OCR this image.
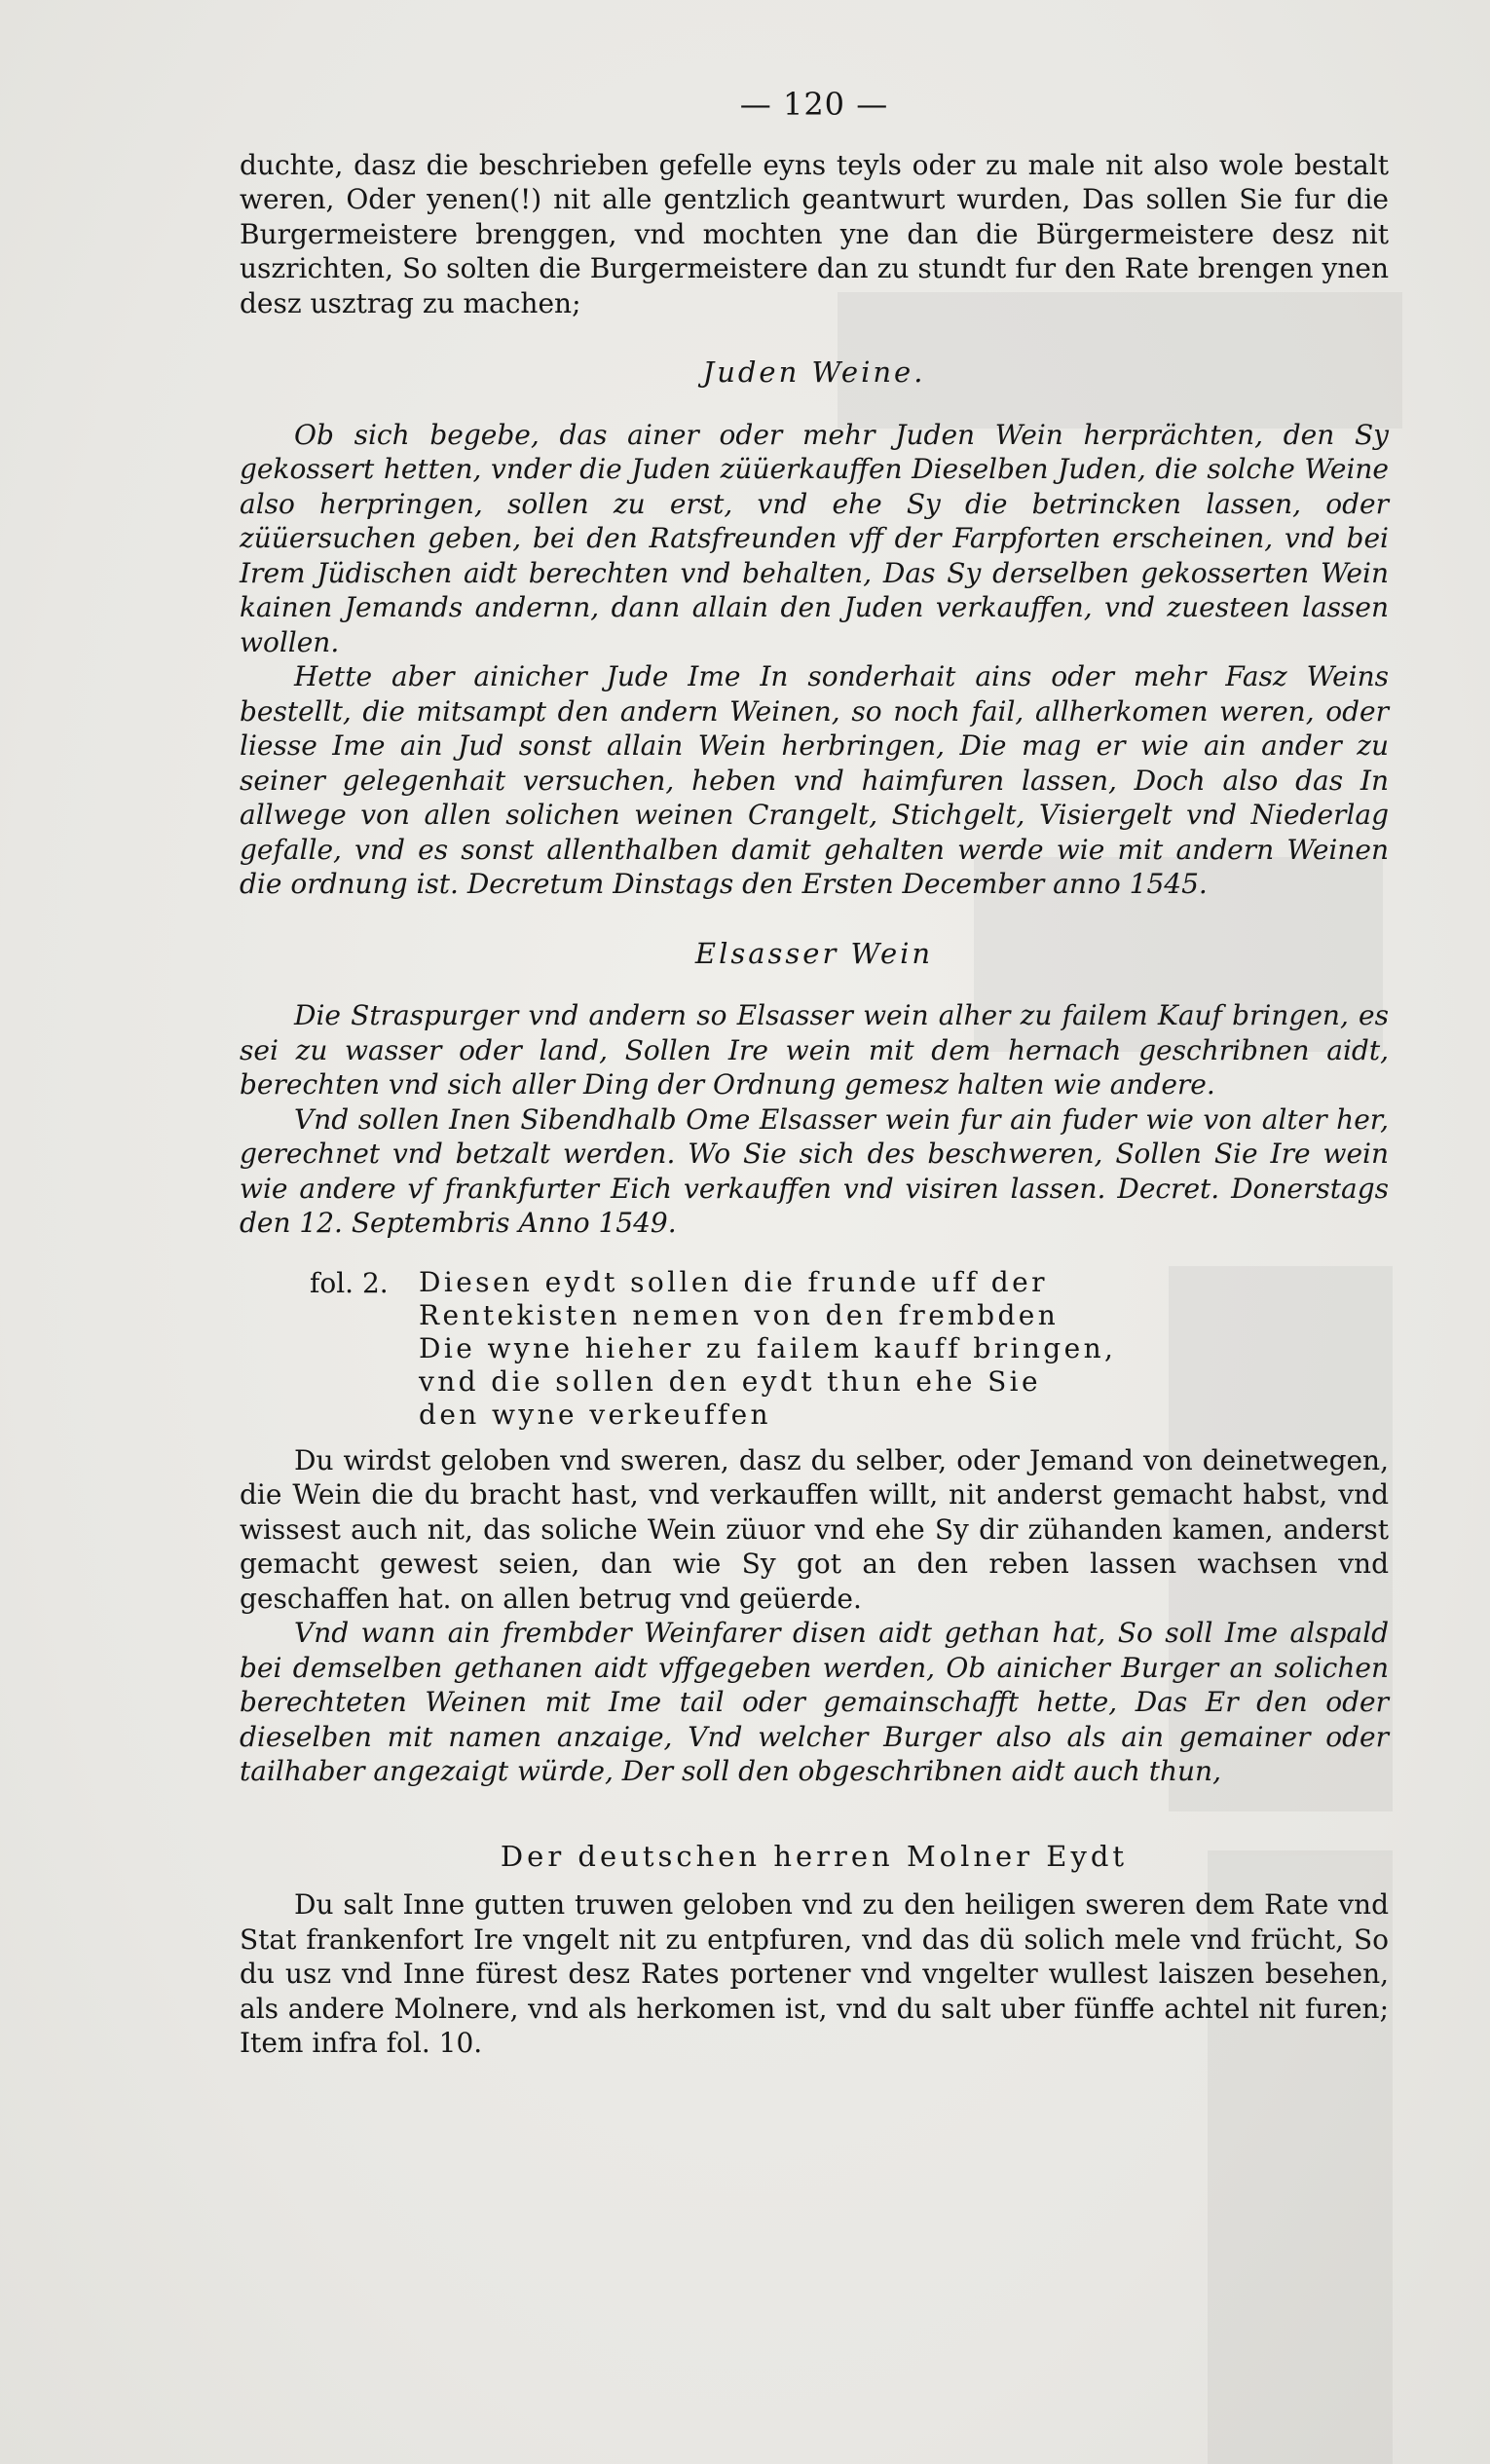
— 120 —

duchte, dasz die beschrieben gefelle eyns teyls oder zu male nit also wole bestalt weren, Oder yenen(!) nit alle gentzlich geantwurt wurden, Das sollen Sie fur die Burgermeistere brenggen, vnd mochten yne dan die Bürgermeistere desz nit uszrichten, So solten die Burgermeistere dan zu stundt fur den Rate brengen ynen desz usztrag zu machen;

Juden Weine.

Ob sich begebe, das ainer oder mehr Juden Wein herprächten, den Sy gekossert hetten, vnder die Juden züüerkauffen Dieselben Juden, die solche Weine also herpringen, sollen zu erst, vnd ehe Sy die betrincken lassen, oder züüersuchen geben, bei den Ratsfreunden vff der Farpforten erscheinen, vnd bei Irem Jüdischen aidt berechten vnd behalten, Das Sy derselben gekosserten Wein kainen Jemands andernn, dann allain den Juden verkauffen, vnd zuesteen lassen wollen.

Hette aber ainicher Jude Ime In sonderhait ains oder mehr Fasz Weins bestellt, die mitsampt den andern Weinen, so noch fail, allherkomen weren, oder liesse Ime ain Jud sonst allain Wein herbringen, Die mag er wie ain ander zu seiner gelegenhait versuchen, heben vnd haimfuren lassen, Doch also das In allwege von allen solichen weinen Crangelt, Stichgelt, Visiergelt vnd Niederlag gefalle, vnd es sonst allenthalben damit gehalten werde wie mit andern Weinen die ordnung ist. Decretum Dinstags den Ersten December anno 1545.

Elsasser Wein

Die Straspurger vnd andern so Elsasser wein alher zu failem Kauf bringen, es sei zu wasser oder land, Sollen Ire wein mit dem hernach geschribnen aidt, berechten vnd sich aller Ding der Ordnung gemesz halten wie andere.

Vnd sollen Inen Sibendhalb Ome Elsasser wein fur ain fuder wie von alter her, gerechnet vnd betzalt werden. Wo Sie sich des beschweren, Sollen Sie Ire wein wie andere vf frankfurter Eich verkauffen vnd visiren lassen. Decret. Donerstags den 12. Septembris Anno 1549.

fol. 2.	Diesen eydt sollen die frunde uff der
Rentekisten nemen von den frembden
Die wyne hieher zu failem kauff bringen,
vnd die sollen den eydt thun ehe Sie
den wyne verkeuffen

Du wirdst geloben vnd sweren, dasz du selber, oder Jemand von deinetwegen, die Wein die du bracht hast, vnd verkauffen willt, nit anderst gemacht habst, vnd wissest auch nit, das soliche Wein züuor vnd ehe Sy dir zühanden kamen, anderst gemacht gewest seien, dan wie Sy got an den reben lassen wachsen vnd geschaffen hat. on allen betrug vnd geüerde.

Vnd wann ain frembder Weinfarer disen aidt gethan hat, So soll Ime alspald bei demselben gethanen aidt vffgegeben werden, Ob ainicher Burger an solichen berechteten Weinen mit Ime tail oder gemainschafft hette, Das Er den oder dieselben mit namen anzaige, Vnd welcher Burger also als ain gemainer oder tailhaber angezaigt würde, Der soll den obgeschribnen aidt auch thun,

Der deutschen herren Molner Eydt

Du salt Inne gutten truwen geloben vnd zu den heiligen sweren dem Rate vnd Stat frankenfort Ire vngelt nit zu entpfuren, vnd das dü solich mele vnd frücht, So du usz vnd Inne fürest desz Rates portener vnd vngelter wullest laiszen besehen, als andere Molnere, vnd als herkomen ist, vnd du salt uber fünffe achtel nit furen; Item infra fol. 10.
